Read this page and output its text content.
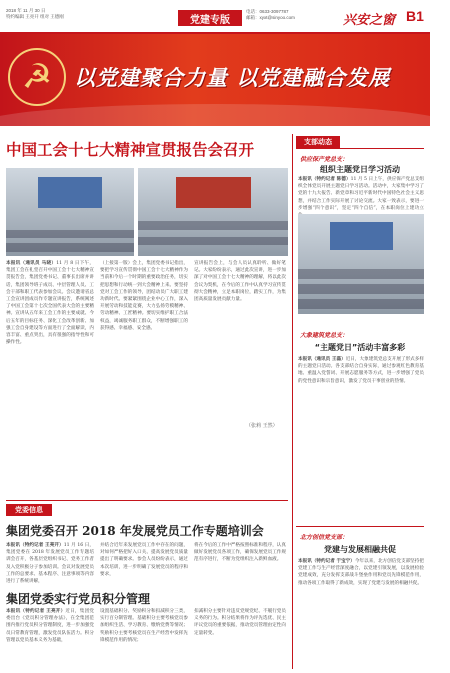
2018 年 11 月 30 日
特约编辑 王亮开 组对 王德刚	党建专版
电话：0633-3097787
邮箱：xyxt@sinyoo.com	兴安之窗 B1
☭	以党建聚合力量 以党建融合发展
中国工会十七大精神宣贯报告会召开
本报讯（通讯员 马晓）11 月 8 日下午，集团工会在礼堂召开中国工会十七大精神宣贯报告会，集团党委书记、董事长出席并讲话，集团领导班子成员、中层管理人员、工会干部和职工代表参加会议。会议邀请省总工会宣讲团成员作专题宣讲报告，系统阐述了中国工会第十七次全国代表大会的主要精神。宣讲从五年来工会工作的主要成就、今后五年的目标任务、深化工会改革创新、加强工会自身建设等方面进行了全面解读，内容丰富、重点突出，具有很强的指导性和可操作性。
（上接第一版）会上，集团党委书记指出，要把学习宣传贯彻中国工会十七大精神作为当前和今后一个时期的重要政治任务，切实把思想和行动统一到大会精神上来。要坚持党对工会工作的领导，团结动员广大职工建功新时代。要紧紧围绕企业中心工作，深入开展劳动和技能竞赛，大力弘扬劳模精神、劳动精神、工匠精神。要切实维护职工合法权益，竭诚服务职工群众，不断增强职工的获得感、幸福感、安全感。
宣讲报告会上，与会人员认真聆听、做好笔记。大家纷纷表示，通过此次宣讲，进一步加深了对中国工会十七大精神的理解，将以此次会议为契机，在今后的工作中认真学习宣传贯彻大会精神，立足本职岗位，踏实工作，为集团高质量发展贡献力量。
（张莉 王然）
党委信息
集团党委召开 2018 年发展党员工作专题培训会
本报讯（特约记者 王亮开）11 月 16 日，集团党委在 2018 年发展党员工作专题培训会召开，各基层党组织书记、党务工作者及入党积极分子参加培训。会议对发展党员工作的总要求、基本程序、注意事项等内容进行了系统讲解，
并结合近年来发展党员工作中存在的问题，对如何严格把好入口关、提高发展党员质量提出了明确要求。参会人员纷纷表示，通过本次培训，进一步明确了发展党员的程序和要求，
将在今后的工作中严格按照标准和程序，认真做好发展党员各项工作，确保发展党员工作规范有序进行，不断为党组织注入新鲜血液。
集团党委实行党员积分管理
本报讯（特约记者 王亮开）近日，集团党委出台《党员积分管理办法》，在全集团范围内推行党员积分管理制度，进一步加强党员日常教育管理，激发党员队伍活力。积分管理以党员基本义务为基础，
设置基础积分、奖励积分和扣减积分三类，实行百分制管理。基础积分主要考核党员参加组织生活、学习教育、缴纳党费等情况；奖励积分主要考核党员在生产经营中发挥先锋模范作用的情况；
扣减积分主要针对违反党规党纪、不履行党员义务的行为。积分结果将作为评先选优、民主评议党员的重要依据，推动党员管理由定性向定量转变。
支部动态
供应保产党总支：
组织主题党日学习活动
本报讯（特约记者 陈德）11 月 5 日上午，供应保产党总支组织全体党员开展主题党日学习活动。活动中，大家集中学习了党的十九大报告、新党章和习近平新时代中国特色社会主义思想，并结合工作实际开展了讨论交流。大家一致表示，要进一步增强“四个意识”，坚定“四个自信”，在本职岗位上建功立
大象建筑党总支：
“主题党日”活动丰富多彩
本报讯（通讯员 王磊）近日，大象建筑党总支开展了形式多样的主题党日活动。各支部结合自身实际，通过参观红色教育基地、重温入党誓词、开展志愿服务等方式，进一步增强了党员的党性意识和宗旨意识，激发了党员干事创业的热情。
北方创信党支部：
党建与发展相融共促
本报讯（特约记者 于宝宁）今年以来，北方创信党支部坚持把党建工作与生产经营深度融合，以党建引领发展，以发展检验党建成效，充分发挥支部战斗堡垒作用和党员先锋模范作用，推动各项工作取得了新成效，实现了党建与发展的相融共促。
